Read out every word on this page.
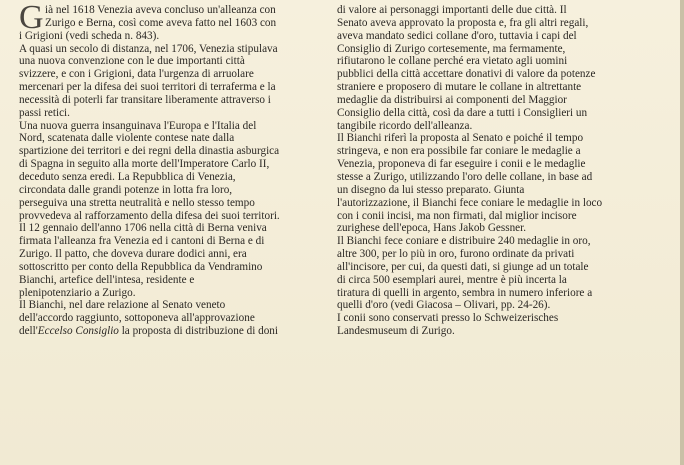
G ià nel 1618 Venezia aveva concluso un'alleanza con
Zurigo e Berna, così come aveva fatto nel 1603 con
i Grigioni (vedi scheda n. 843).
A quasi un secolo di distanza, nel 1706, Venezia stipulava
una nuova convenzione con le due importanti città
svizzere, e con i Grigioni, data l'urgenza di arruolare
mercenari per la difesa dei suoi territori di terraferma e la
necessità di poterli far transitare liberamente attraverso i
passi retici.
Una nuova guerra insanguinava l'Europa e l'Italia del
Nord, scatenata dalle violente contese nate dalla
spartizione dei territori e dei regni della dinastia asburgica
di Spagna in seguito alla morte dell'Imperatore Carlo II,
deceduto senza eredi. La Repubblica di Venezia,
circondata dalle grandi potenze in lotta fra loro,
perseguiva una stretta neutralità e nello stesso tempo
provvedeva al rafforzamento della difesa dei suoi territori.
Il 12 gennaio dell'anno 1706 nella città di Berna veniva
firmata l'alleanza fra Venezia ed i cantoni di Berna e di
Zurigo. Il patto, che doveva durare dodici anni, era
sottoscritto per conto della Repubblica da Vendramino
Bianchi, artefice dell'intesa, residente e
plenipotenziario a Zurigo.
Il Bianchi, nel dare relazione al Senato veneto
dell'accordo raggiunto, sottoponeva all'approvazione
dell'Eccelso Consiglio la proposta di distribuzione di doni
di valore ai personaggi importanti delle due città. Il
Senato aveva approvato la proposta e, fra gli altri regali,
aveva mandato sedici collane d'oro, tuttavia i capi del
Consiglio di Zurigo cortesemente, ma fermamente,
rifiutarono le collane perché era vietato agli uomini
pubblici della città accettare donativi di valore da potenze
straniere e proposero di mutare le collane in altrettante
medaglie da distribuirsi ai componenti del Maggior
Consiglio della città, così da dare a tutti i Consiglieri un
tangibile ricordo dell'alleanza.
Il Bianchi riferì la proposta al Senato e poiché il tempo
stringeva, e non era possibile far coniare le medaglie a
Venezia, proponeva di far eseguire i conii e le medaglie
stesse a Zurigo, utilizzando l'oro delle collane, in base ad
un disegno da lui stesso preparato. Giunta
l'autorizzazione, il Bianchi fece coniare le medaglie in loco
con i conii incisi, ma non firmati, dal miglior incisore
zurighese dell'epoca, Hans Jakob Gessner.
Il Bianchi fece coniare e distribuire 240 medaglie in oro,
altre 300, per lo più in oro, furono ordinate da privati
all'incisore, per cui, da questi dati, si giunge ad un totale
di circa 500 esemplari aurei, mentre è più incerta la
tiratura di quelli in argento, sembra in numero inferiore a
quelli d'oro (vedi Giacosa – Olivari, pp. 24-26).
I conii sono conservati presso lo Schweizerisches
Landesmuseum di Zurigo.
